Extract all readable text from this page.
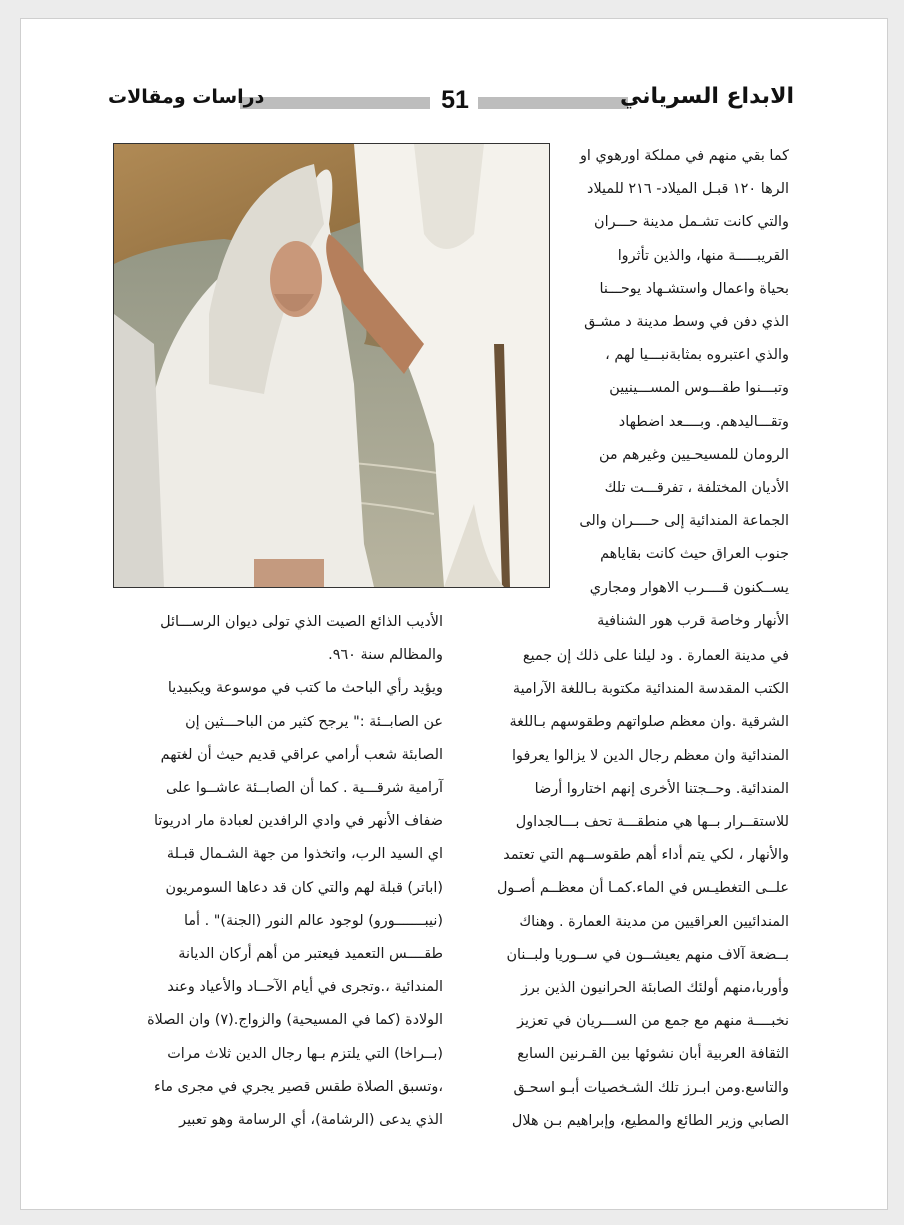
دراسات ومقالات	51	الابداع السرياني

كما بقي منهم في مملكة اورهوي او

الرها ١٢٠ قبـل الميلاد- ٢١٦ للميلاد

والتي كانت تشـمل مدينة حـــران

القريبـــــة منها، والذين تأثروا

بحياة واعمال واستشـهاد يوحـــنا

الذي دفن في وسط مدينة د مشـق

والذي اعتبروه بمثابةنبـــيا لهم ،

وتبـــنوا طقـــوس المســـينيين

وتقـــاليدهم. وبــــعد اضطهاد

الرومان للمسيحـيين وغيرهم من

الأديان المختلفة ، تفرقـــت تلك

الجماعة المندائية إلى حــــران والى

جنوب العراق حيث كانت بقاياهم

يســكنون قــــرب الاهوار ومجاري

الأنهار وخاصة قرب هور الشنافية

في مدينة العمارة . ود ليلنا على ذلك إن جميع

الكتب المقدسة المندائية مكتوبة بـاللغة الآرامية

الشرقية .وان معظم صلواتهم وطقوسهم بـاللغة

المندائية وان معظم رجال الدين لا يزالوا يعرفوا

المندائية. وحــجتنا الأخرى إنهم اختاروا أرضا

للاستقــرار بــها هي منطقـــة تحف بـــالجداول

والأنهار ، لكي يتم أداء أهم طقوســهم التي تعتمد

علــى التغطيـس في الماء.كمـا أن معظــم أصـول

المندائيين العراقيين من مدينة العمارة . وهناك

بــضعة آلاف منهم يعيشــون في ســوريا ولبــنان

وأوربا،منهم أولئك الصابئة الحرانيون الذين برز

نخبــــة منهم مع جمع من الســـريان في تعزيز

الثقافة العربية أبان نشوئها بين القـرنين السابع

والتاسع.ومن ابـرز تلك الشـخصيات أبـو اسحـق

الصابي وزير الطائع والمطيع، وإبراهيم بـن هلال

الأديب الذائع الصيت الذي تولى ديوان الرســـائل

والمظالم سنة ٩٦٠.

ويؤيد رأي الباحث ما كتب في موسوعة ويكبيديا

عن الصابــئة :" يرجح كثير من الباحـــثين إن

الصابئة شعب أرامي عراقي قديم حيث أن لغتهم

آرامية شرقـــية . كما أن الصابــئة عاشــوا على

ضفاف الأنهر في وادي الرافدين لعبادة مار ادريوتا

اي السيد الرب، واتخذوا من جهة الشـمال قبـلة

(اباتر) قبلة لهم والتي كان قد دعاها السومريون

(نيبـــــــورو) لوجود عالم النور (الجنة)" . أما

طقــــس التعميد فيعتبر من أهم أركان الديانة

المندائية ،.وتجرى في أيام الآحــاد والأعياد وعند

الولادة (كما في المسيحية) والزواج.(٧) وان الصلاة

(بــراخا) التي يلتزم بـها رجال الدين ثلاث مرات

،وتسبق الصلاة طقس قصير يجري في مجرى ماء

الذي يدعى (الرشامة)، أي الرسامة وهو تعبير
